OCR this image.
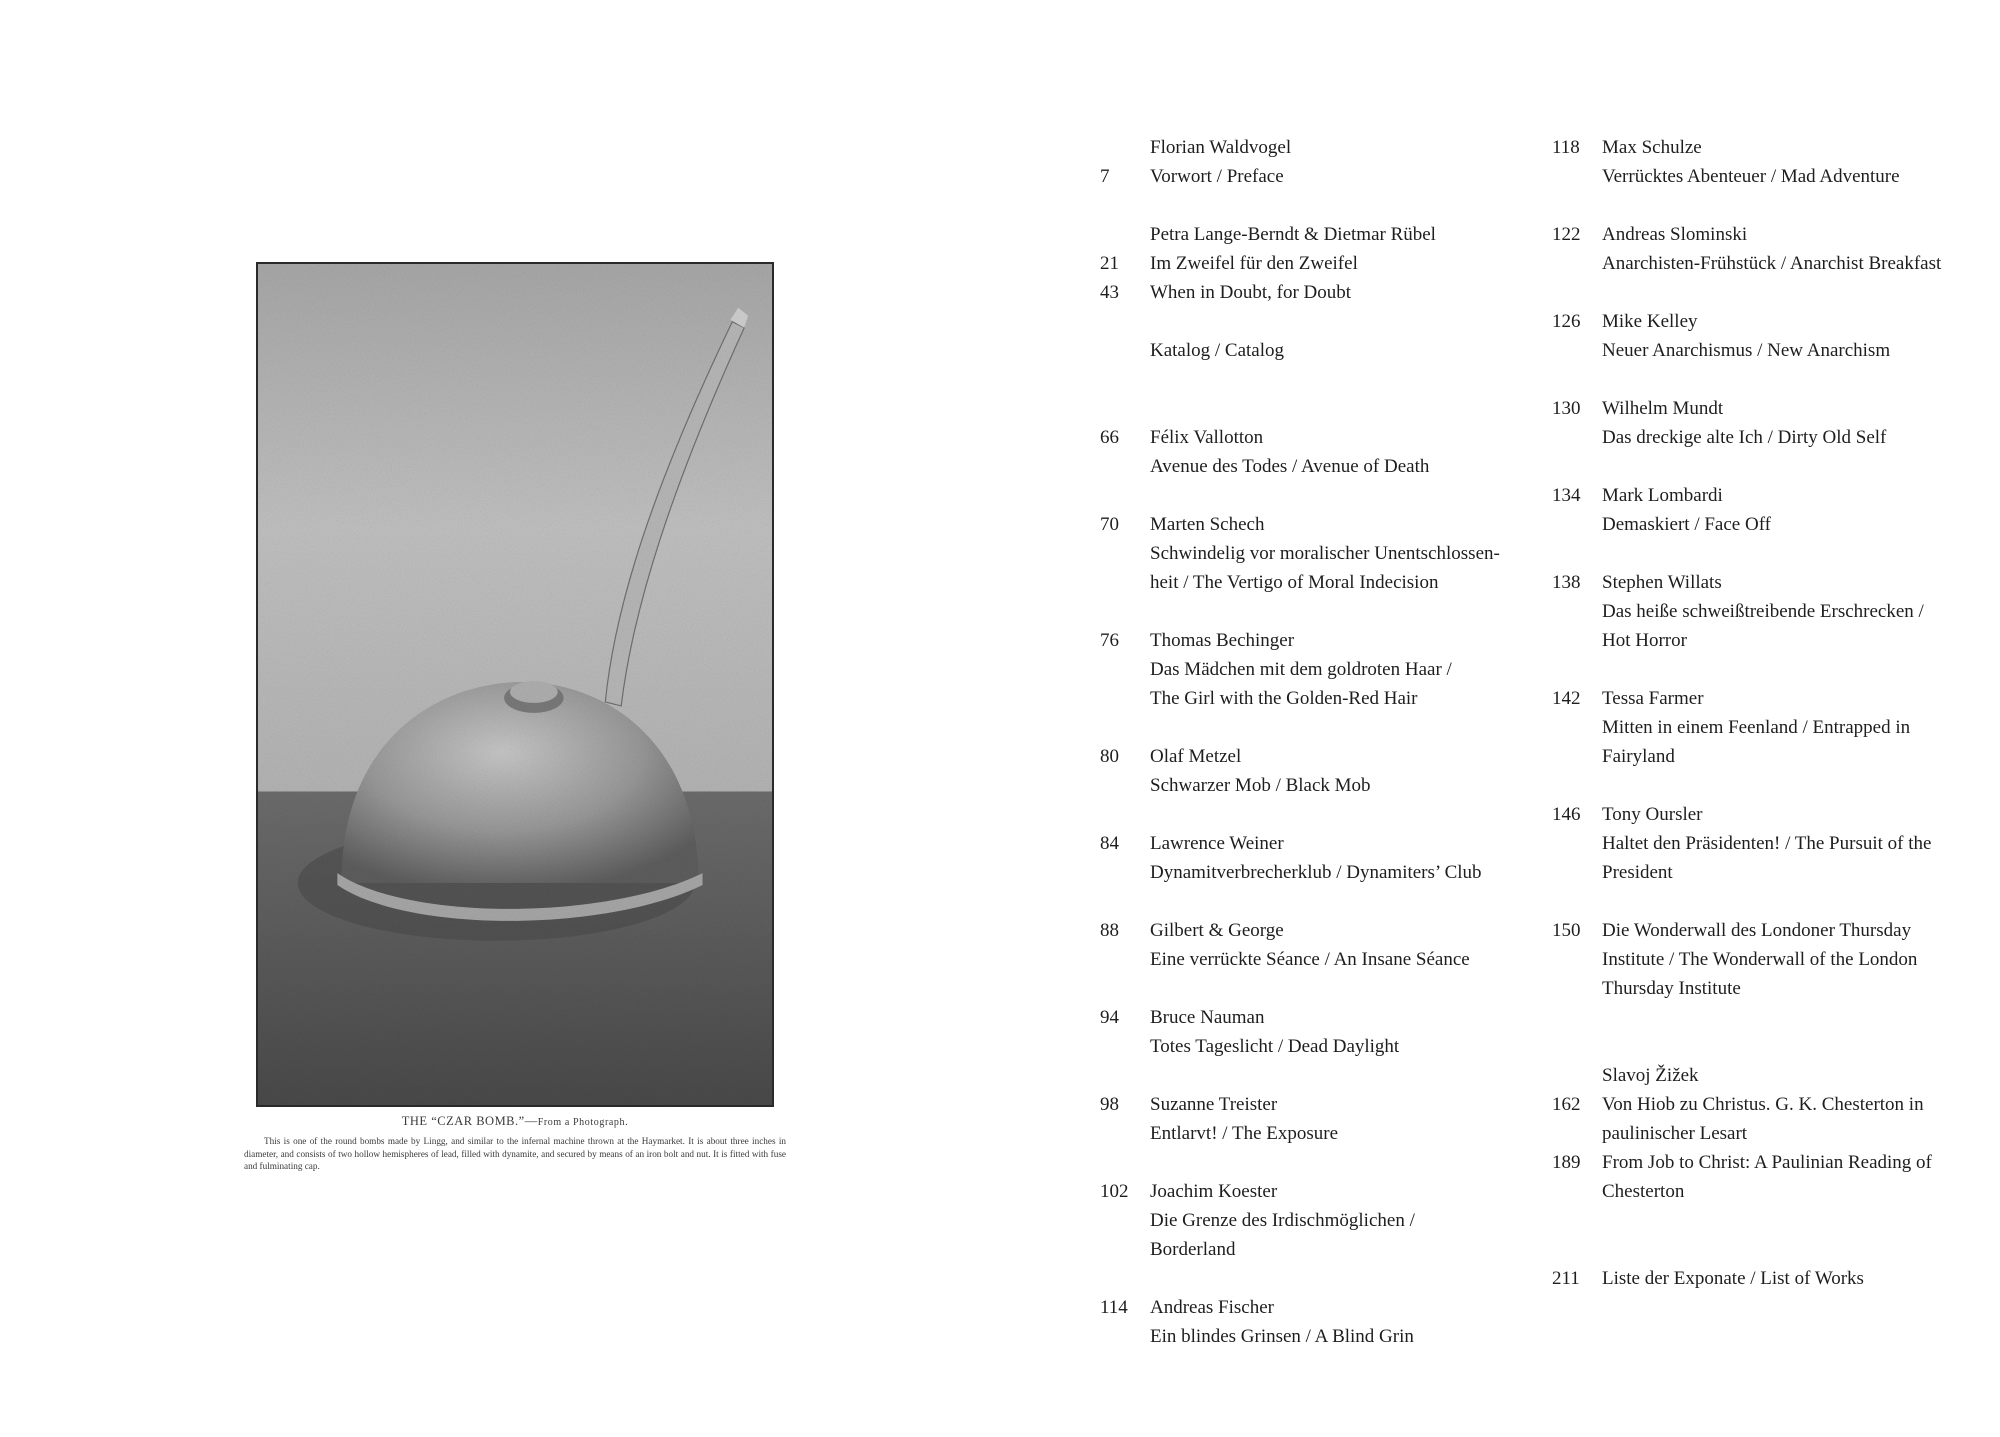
THE “CZAR BOMB.”—From a Photograph.
This is one of the round bombs made by Lingg, and similar to the infernal machine thrown at the Haymarket. It is about three inches in diameter, and consists of two hollow hemispheres of lead, filled with dynamite, and secured by means of an iron bolt and nut. It is fitted with fuse and fulminating cap.
Florian Waldvogel
7	Vorwort / Preface
Petra Lange-Berndt & Dietmar Rübel
21	Im Zweifel für den Zweifel
43	When in Doubt, for Doubt
Katalog / Catalog
66	Félix Vallotton
Avenue des Todes / Avenue of Death
70	Marten Schech
Schwindelig vor moralischer Unentschlossen-
heit / The Vertigo of Moral Indecision
76	Thomas Bechinger
Das Mädchen mit dem goldroten Haar /
The Girl with the Golden-Red Hair
80	Olaf Metzel
Schwarzer Mob / Black Mob
84	Lawrence Weiner
Dynamitverbrecherklub / Dynamiters’ Club
88	Gilbert & George
Eine verrückte Séance / An Insane Séance
94	Bruce Nauman
Totes Tageslicht / Dead Daylight
98	Suzanne Treister
Entlarvt! / The Exposure
102	Joachim Koester
Die Grenze des Irdischmöglichen /
Borderland
114	Andreas Fischer
Ein blindes Grinsen / A Blind Grin
118	Max Schulze
Verrücktes Abenteuer / Mad Adventure
122	Andreas Slominski
Anarchisten-Frühstück / Anarchist Breakfast
126	Mike Kelley
Neuer Anarchismus / New Anarchism
130	Wilhelm Mundt
Das dreckige alte Ich / Dirty Old Self
134	Mark Lombardi
Demaskiert / Face Off
138	Stephen Willats
Das heiße schweißtreibende Erschrecken /
Hot Horror
142	Tessa Farmer
Mitten in einem Feenland / Entrapped in
Fairyland
146	Tony Oursler
Haltet den Präsidenten! / The Pursuit of the
President
150	Die Wonderwall des Londoner Thursday
Institute / The Wonderwall of the London
Thursday Institute
Slavoj Žižek
162	Von Hiob zu Christus. G. K. Chesterton in
paulinischer Lesart
189	From Job to Christ: A Paulinian Reading of
Chesterton
211	Liste der Exponate / List of Works
